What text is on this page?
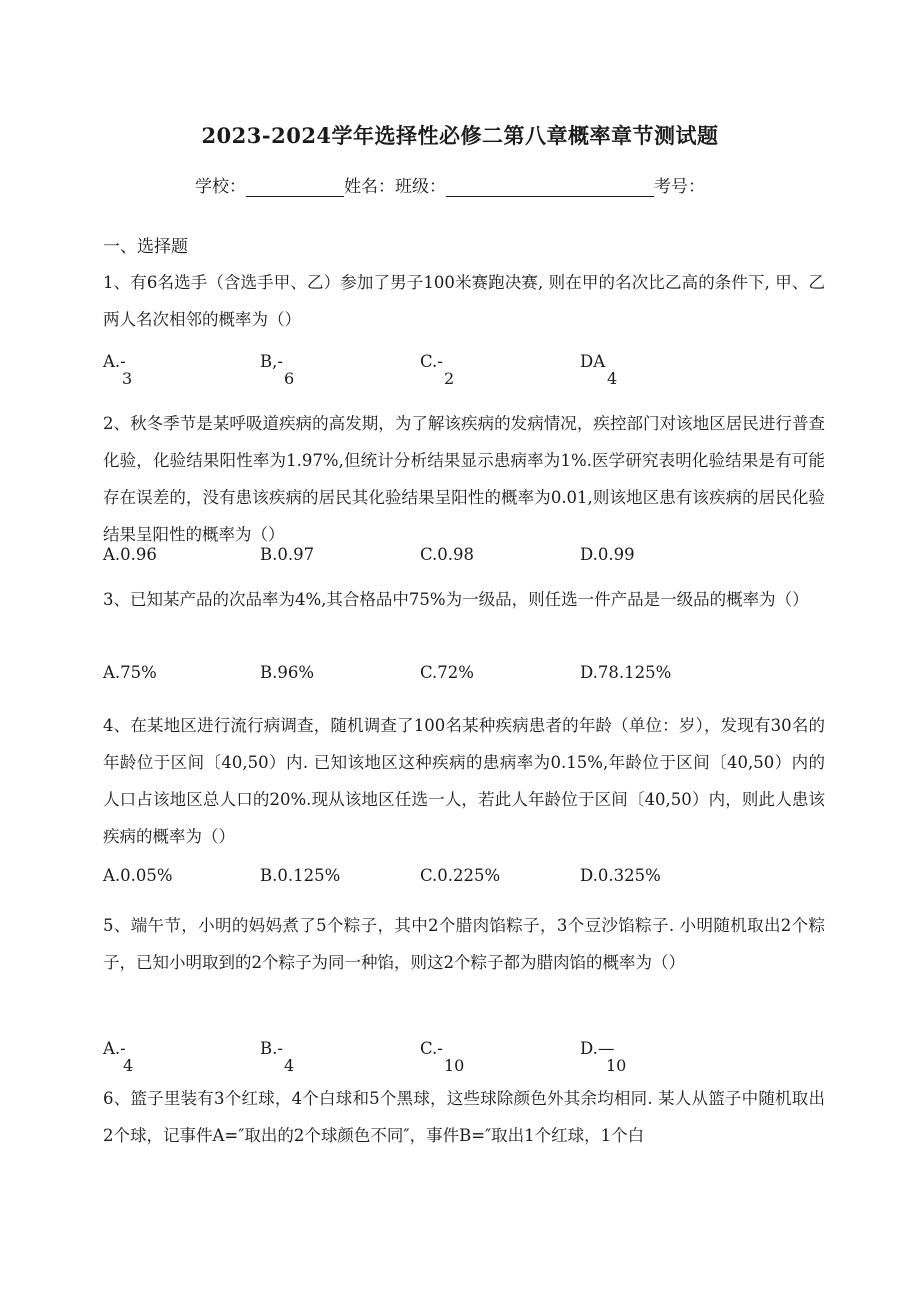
2023-2024学年选择性必修二第八章概率章节测试题
学校：	姓名：班级：	考号：
一、选择题
1、有6名选手（含选手甲、乙）参加了男子100米赛跑决赛, 则在甲的名次比乙高的条件下, 甲、乙两人名次相邻的概率为（）
A.-
3
B,-
6
C.-
2
DA
4
2、秋冬季节是某呼吸道疾病的高发期，为了解该疾病的发病情况，疾控部门对该地区居民进行普查化验，化验结果阳性率为1.97%,但统计分析结果显示患病率为1%.医学研究表明化验结果是有可能存在误差的，没有患该疾病的居民其化验结果呈阳性的概率为0.01,则该地区患有该疾病的居民化验结果呈阳性的概率为（）
A.0.96	B.0.97	C.0.98	D.0.99
3、已知某产品的次品率为4%,其合格品中75%为一级品，则任选一件产品是一级品的概率为（）
A.75%	B.96%	C.72%	D.78.125%
4、在某地区进行流行病调查，随机调查了100名某种疾病患者的年龄（单位：岁），发现有30名的年龄位于区间〔40,50）内. 已知该地区这种疾病的患病率为0.15%,年龄位于区间〔40,50）内的人口占该地区总人口的20%.现从该地区任选一人，若此人年龄位于区间〔40,50）内，则此人患该疾病的概率为（）
A.0.05%	B.0.125%	C.0.225%	D.0.325%
5、端午节，小明的妈妈煮了5个粽子，其中2个腊肉馅粽子，3个豆沙馅粽子. 小明随机取出2个粽子，已知小明取到的2个粽子为同一种馅，则这2个粽子都为腊肉馅的概率为（）
A.-
4
B.-
4
C.-
10
D.—
10
6、篮子里装有3个红球，4个白球和5个黑球，这些球除颜色外其余均相同. 某人从篮子中随机取出2个球，记事件A=″取出的2个球颜色不同″，事件B=″取出1个红球，1个白
